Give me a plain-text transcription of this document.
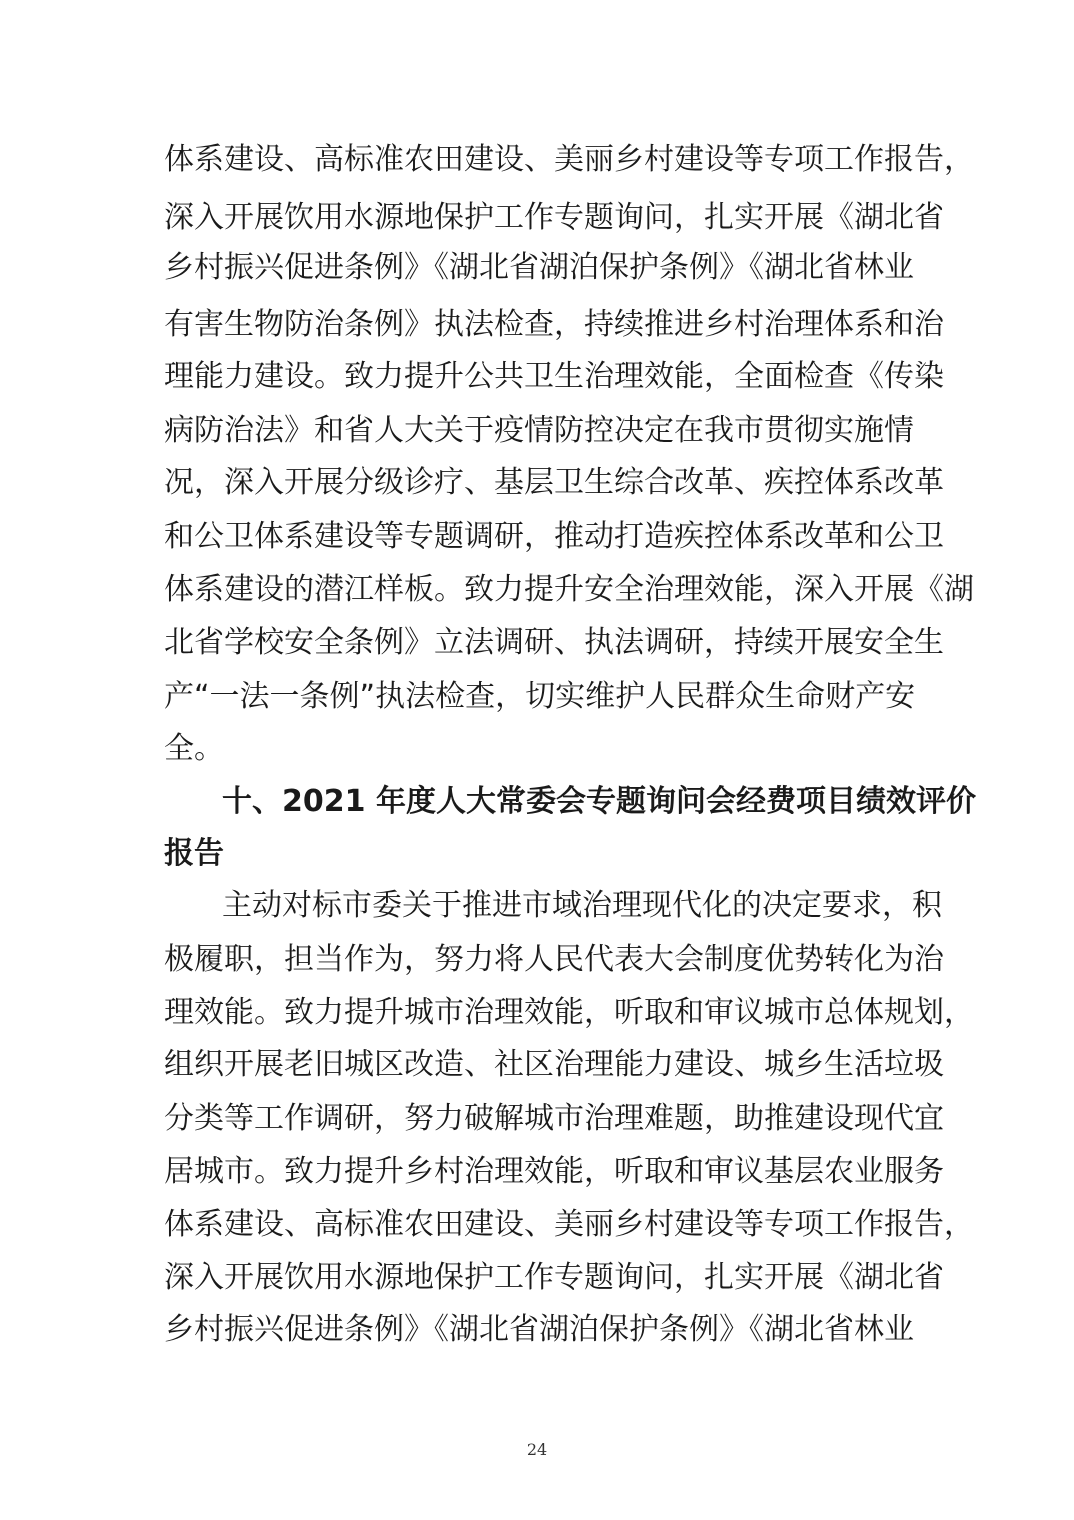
体系建设、高标准农田建设、美丽乡村建设等专项工作报告，
深入开展饮用水源地保护工作专题询问，扎实开展《湖北省
乡村振兴促进条例》《湖北省湖泊保护条例》《湖北省林业
有害生物防治条例》执法检查，持续推进乡村治理体系和治
理能力建设。致力提升公共卫生治理效能，全面检查《传染
病防治法》和省人大关于疫情防控决定在我市贯彻实施情
况，深入开展分级诊疗、基层卫生综合改革、疾控体系改革
和公卫体系建设等专题调研，推动打造疾控体系改革和公卫
体系建设的潜江样板。致力提升安全治理效能，深入开展《湖
北省学校安全条例》立法调研、执法调研，持续开展安全生
产“一法一条例”执法检查，切实维护人民群众生命财产安
全。
十、2021 年度人大常委会专题询问会经费项目绩效评价
报告
主动对标市委关于推进市域治理现代化的决定要求，积
极履职，担当作为，努力将人民代表大会制度优势转化为治
理效能。致力提升城市治理效能，听取和审议城市总体规划，
组织开展老旧城区改造、社区治理能力建设、城乡生活垃圾
分类等工作调研，努力破解城市治理难题，助推建设现代宜
居城市。致力提升乡村治理效能，听取和审议基层农业服务
体系建设、高标准农田建设、美丽乡村建设等专项工作报告，
深入开展饮用水源地保护工作专题询问，扎实开展《湖北省
乡村振兴促进条例》《湖北省湖泊保护条例》《湖北省林业
24
